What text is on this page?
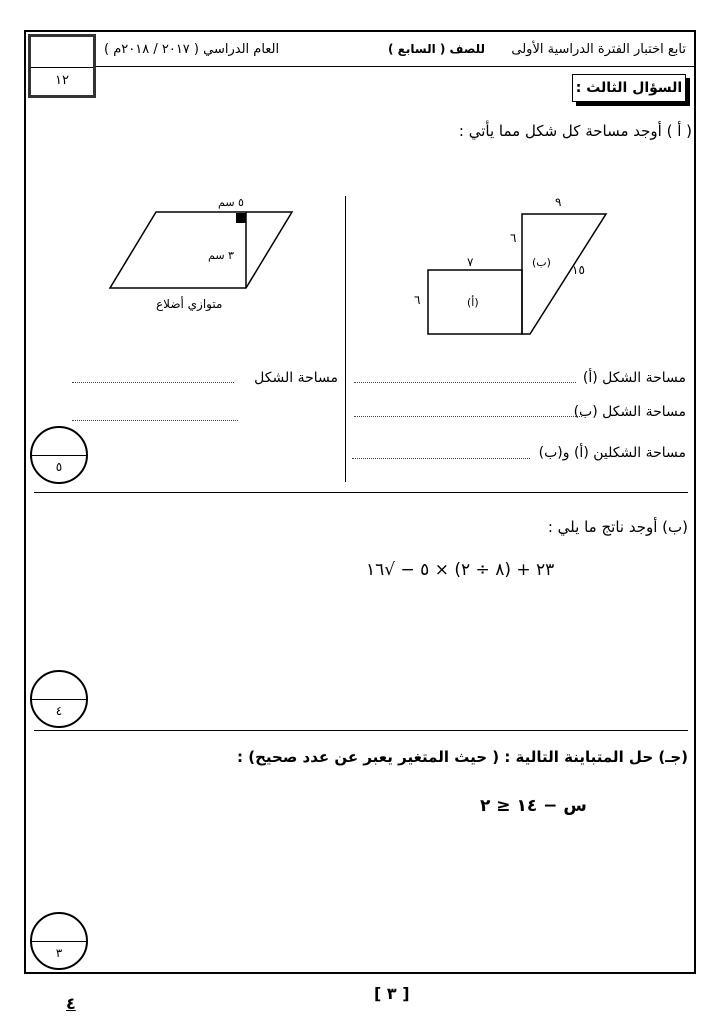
تابع اختبار الفترة الدراسية الأولى
للصف ( السابع )
العام الدراسي ( ٢٠١٧ / ٢٠١٨م )
١٢	السؤال الثالث :
( أ ) أوجد مساحة كل شكل مما يأتي :
٩
٦
٧	(ب)
١٥
٦	(أ)
٥ سم
٣ سم
متوازي أضلاع
مساحة الشكل (أ)
مساحة الشكل (ب)
مساحة الشكلين (أ) و(ب)
مساحة الشكل
٥
(ب) أوجد ناتج ما يلي :
٢٣ + (٨ ÷ ٢) × ٥ − √١٦
٤
(جـ) حل المتباينة التالية : ( حيث المتغير يعبر عن عدد صحيح) :
س − ١٤ ≤ ٢
٣
[ ٣ ]
٤
